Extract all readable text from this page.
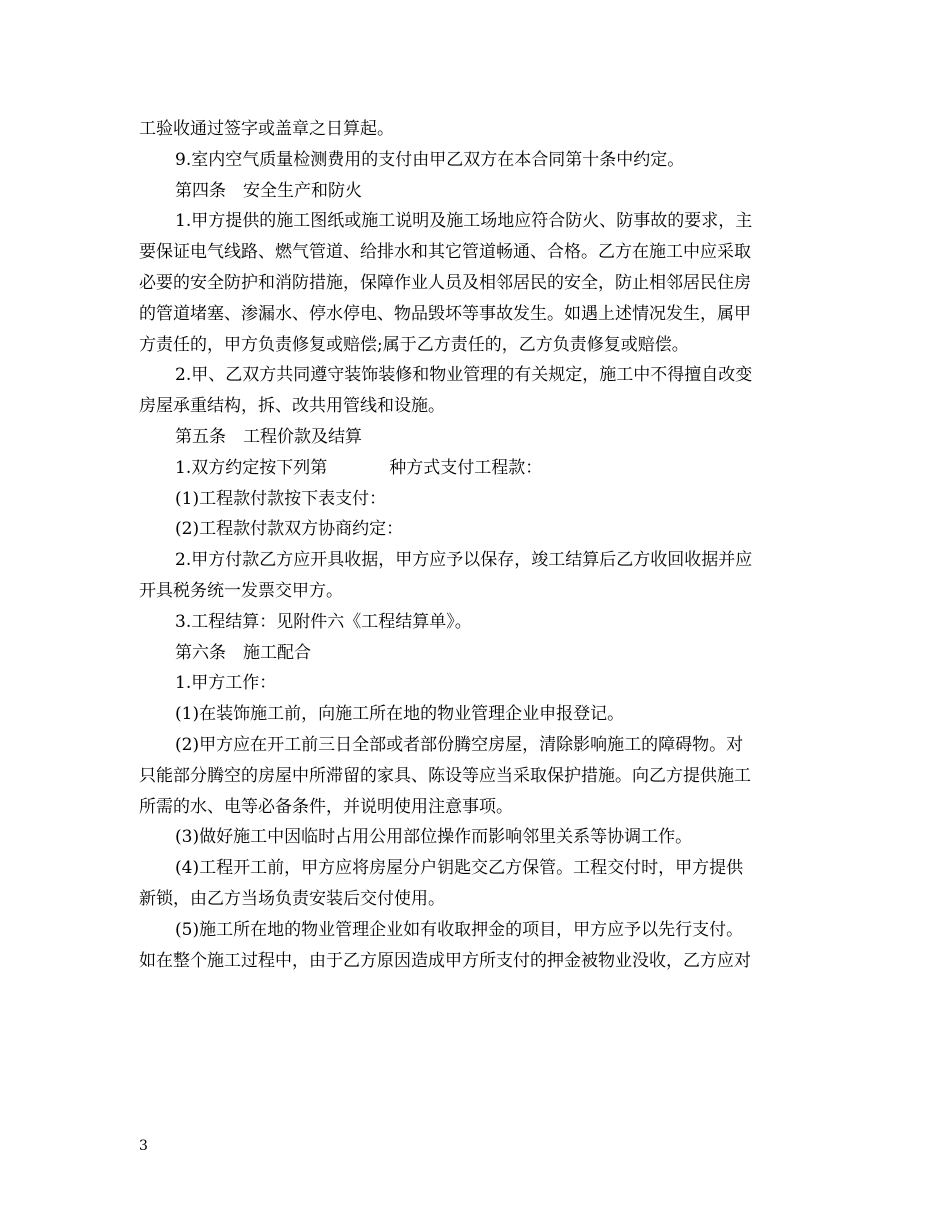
工验收通过签字或盖章之日算起。
9.室内空气质量检测费用的支付由甲乙双方在本合同第十条中约定。
第四条　安全生产和防火
1.甲方提供的施工图纸或施工说明及施工场地应符合防火、防事故的要求，主
要保证电气线路、燃气管道、给排水和其它管道畅通、合格。乙方在施工中应采取
必要的安全防护和消防措施，保障作业人员及相邻居民的安全，防止相邻居民住房
的管道堵塞、渗漏水、停水停电、物品毁坏等事故发生。如遇上述情况发生，属甲
方责任的，甲方负责修复或赔偿;属于乙方责任的，乙方负责修复或赔偿。
2.甲、乙双方共同遵守装饰装修和物业管理的有关规定，施工中不得擅自改变
房屋承重结构，拆、改共用管线和设施。
第五条　工程价款及结算
1.双方约定按下列第	种方式支付工程款：
(1)工程款付款按下表支付：
(2)工程款付款双方协商约定：
2.甲方付款乙方应开具收据，甲方应予以保存，竣工结算后乙方收回收据并应
开具税务统一发票交甲方。
3.工程结算：见附件六《工程结算单》。
第六条　施工配合
1.甲方工作：
(1)在装饰施工前，向施工所在地的物业管理企业申报登记。
(2)甲方应在开工前三日全部或者部份腾空房屋，清除影响施工的障碍物。对
只能部分腾空的房屋中所滞留的家具、陈设等应当采取保护措施。向乙方提供施工
所需的水、电等必备条件，并说明使用注意事项。
(3)做好施工中因临时占用公用部位操作而影响邻里关系等协调工作。
(4)工程开工前，甲方应将房屋分户钥匙交乙方保管。工程交付时，甲方提供
新锁，由乙方当场负责安装后交付使用。
(5)施工所在地的物业管理企业如有收取押金的项目，甲方应予以先行支付。
如在整个施工过程中，由于乙方原因造成甲方所支付的押金被物业没收，乙方应对
3
